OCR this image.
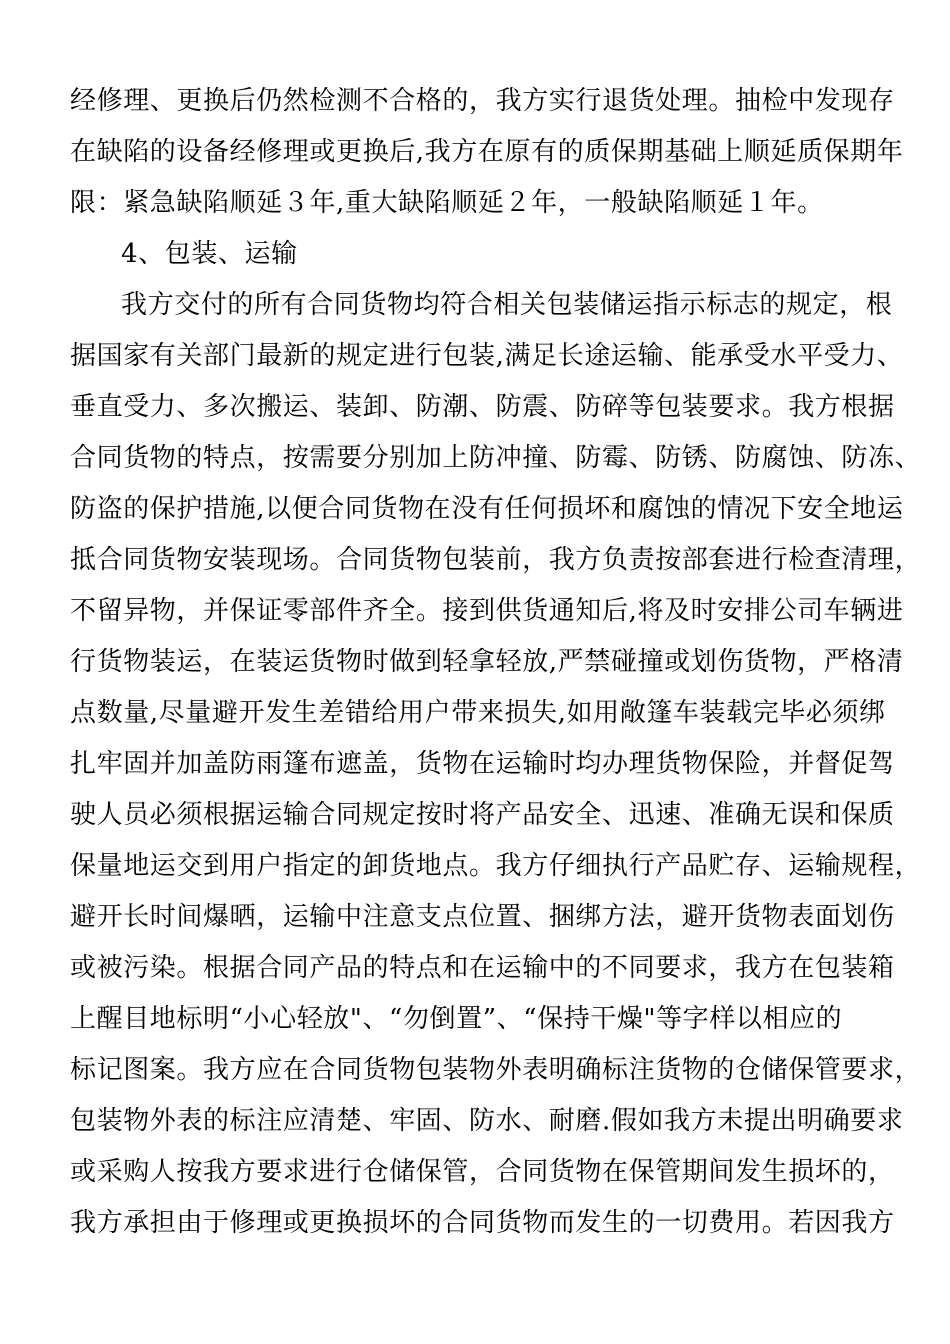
经修理、更换后仍然检测不合格的，我方实行退货处理。抽检中发现存
在缺陷的设备经修理或更换后,我方在原有的质保期基础上顺延质保期年
限：紧急缺陷顺延３年,重大缺陷顺延２年，一般缺陷顺延１年。
4、包装、运输
我方交付的所有合同货物均符合相关包装储运指示标志的规定，根
据国家有关部门最新的规定进行包装,满足长途运输、能承受水平受力、
垂直受力、多次搬运、装卸、防潮、防震、防碎等包装要求。我方根据
合同货物的特点，按需要分别加上防冲撞、防霉、防锈、防腐蚀、防冻、
防盗的保护措施,以便合同货物在没有任何损坏和腐蚀的情况下安全地运
抵合同货物安装现场。合同货物包装前，我方负责按部套进行检查清理，
不留异物，并保证零部件齐全。接到供货通知后,将及时安排公司车辆进
行货物装运，在装运货物时做到轻拿轻放,严禁碰撞或划伤货物，严格清
点数量,尽量避开发生差错给用户带来损失,如用敞篷车装载完毕必须绑
扎牢固并加盖防雨篷布遮盖，货物在运输时均办理货物保险，并督促驾
驶人员必须根据运输合同规定按时将产品安全、迅速、准确无误和保质
保量地运交到用户指定的卸货地点。我方仔细执行产品贮存、运输规程，
避开长时间爆晒，运输中注意支点位置、捆绑方法，避开货物表面划伤
或被污染。根据合同产品的特点和在运输中的不同要求，我方在包装箱
上醒目地标明“小心轻放"、“勿倒置”、“保持干燥"等字样以相应的
标记图案。我方应在合同货物包装物外表明确标注货物的仓储保管要求，
包装物外表的标注应清楚、牢固、防水、耐磨.假如我方未提出明确要求
或采购人按我方要求进行仓储保管，合同货物在保管期间发生损坏的，
我方承担由于修理或更换损坏的合同货物而发生的一切费用。若因我方
